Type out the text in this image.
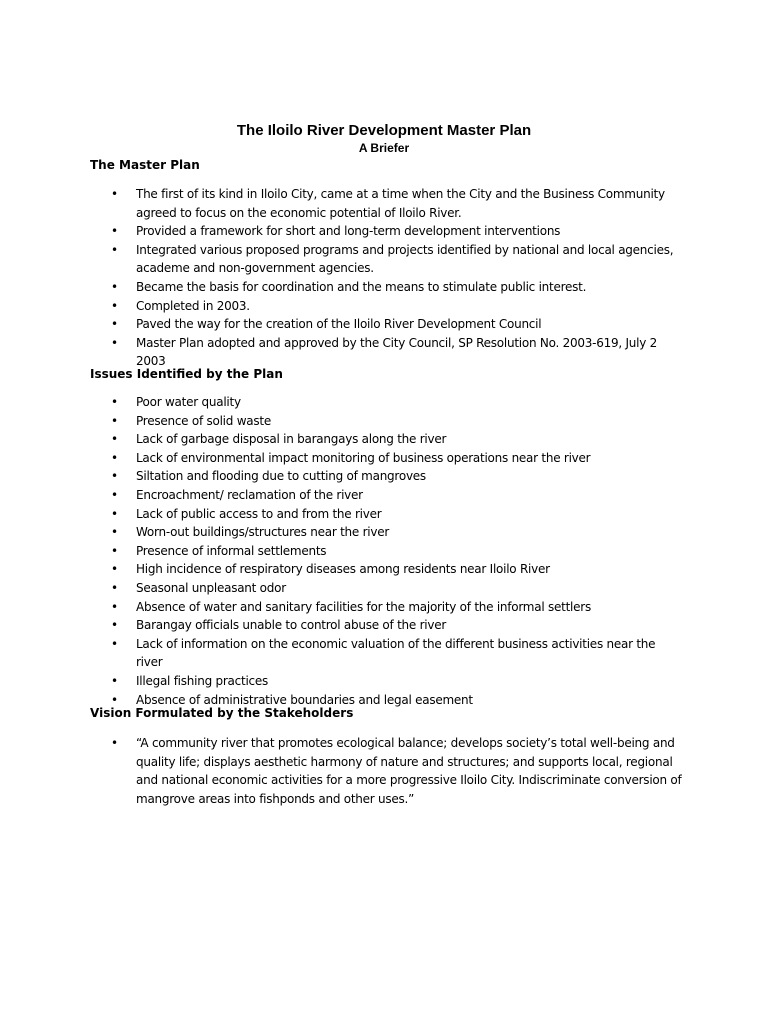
The Iloilo River Development Master Plan
A Briefer
The Master Plan
• The first of its kind in Iloilo City, came at a time when the City and the Business Community agreed to focus on the economic potential of Iloilo River.
• Provided a framework for short and long-term development interventions
• Integrated various proposed programs and projects identified by national and local agencies, academe and non-government agencies.
• Became the basis for coordination and the means to stimulate public interest.
• Completed in 2003.
• Paved the way for the creation of the Iloilo River Development Council
• Master Plan adopted and approved by the City Council, SP Resolution No. 2003-619, July 2 2003
Issues Identified by the Plan
• Poor water quality
• Presence of solid waste
• Lack of garbage disposal in barangays along the river
• Lack of environmental impact monitoring of business operations near the river
• Siltation and flooding due to cutting of mangroves
• Encroachment/ reclamation of the river
• Lack of public access to and from the river
• Worn-out buildings/structures near the river
• Presence of informal settlements
• High incidence of respiratory diseases among residents near Iloilo River
• Seasonal unpleasant odor
• Absence of water and sanitary facilities for the majority of the informal settlers
• Barangay officials unable to control abuse of the river
• Lack of information on the economic valuation of the different business activities near the river
• Illegal fishing practices
• Absence of administrative boundaries and legal easement
Vision Formulated by the Stakeholders
• “A community river that promotes ecological balance; develops society’s total well-being and quality life; displays aesthetic harmony of nature and structures; and supports local, regional and national economic activities for a more progressive Iloilo City. Indiscriminate conversion of mangrove areas into fishponds and other uses.”
